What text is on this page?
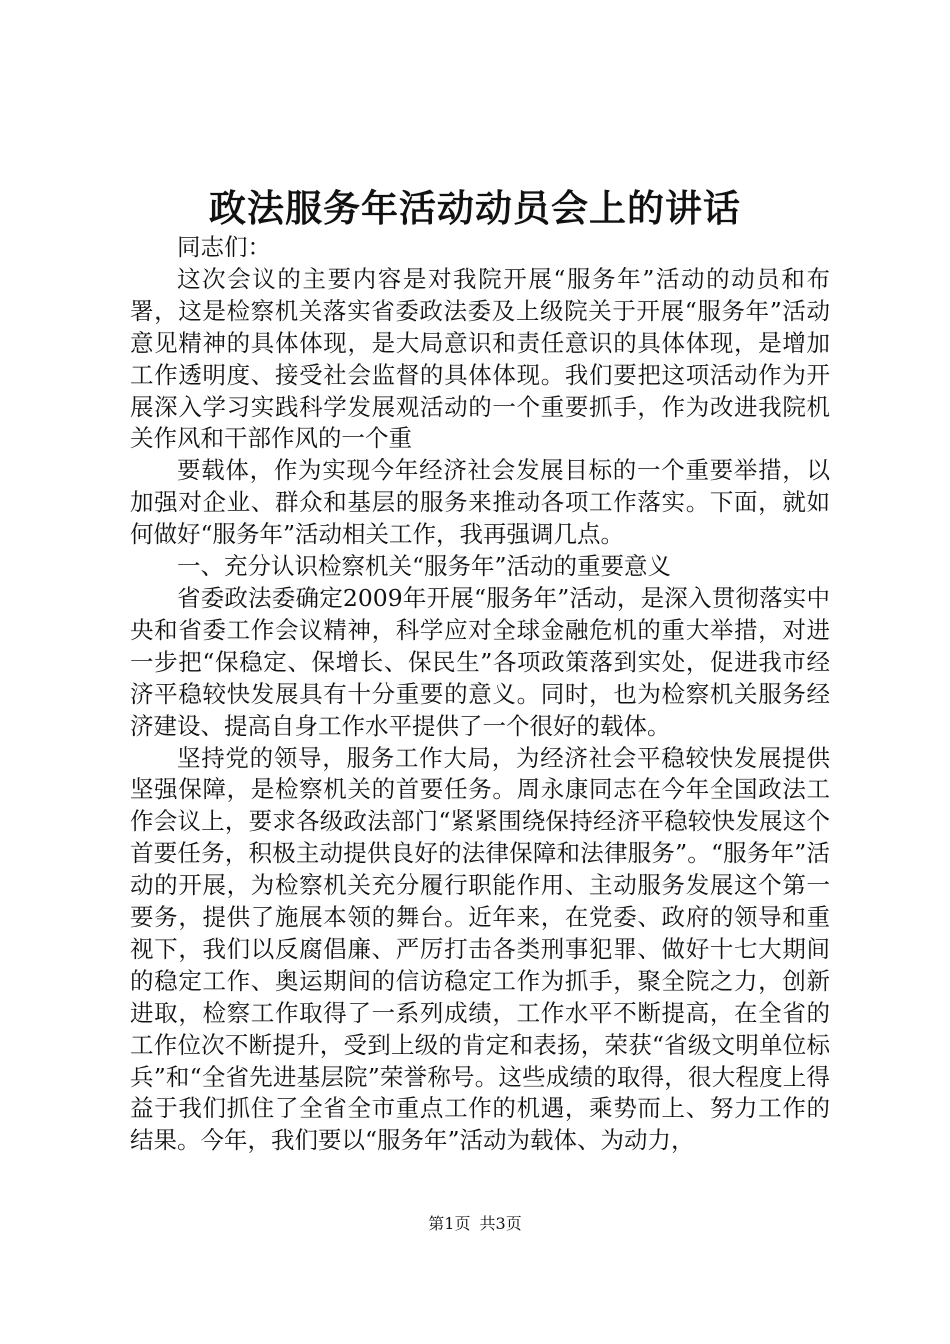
政法服务年活动动员会上的讲话

同志们：

这次会议的主要内容是对我院开展“服务年”活动的动员和布署，这是检察机关落实省委政法委及上级院关于开展“服务年”活动意见精神的具体体现，是大局意识和责任意识的具体体现，是增加工作透明度、接受社会监督的具体体现。我们要把这项活动作为开展深入学习实践科学发展观活动的一个重要抓手，作为改进我院机关作风和干部作风的一个重

要载体，作为实现今年经济社会发展目标的一个重要举措，以加强对企业、群众和基层的服务来推动各项工作落实。下面，就如何做好“服务年”活动相关工作，我再强调几点。

一、充分认识检察机关“服务年”活动的重要意义

省委政法委确定2009年开展“服务年”活动，是深入贯彻落实中央和省委工作会议精神，科学应对全球金融危机的重大举措，对进一步把“保稳定、保增长、保民生”各项政策落到实处，促进我市经济平稳较快发展具有十分重要的意义。同时，也为检察机关服务经济建设、提高自身工作水平提供了一个很好的载体。

坚持党的领导，服务工作大局，为经济社会平稳较快发展提供坚强保障，是检察机关的首要任务。周永康同志在今年全国政法工作会议上，要求各级政法部门“紧紧围绕保持经济平稳较快发展这个首要任务，积极主动提供良好的法律保障和法律服务”。“服务年”活动的开展，为检察机关充分履行职能作用、主动服务发展这个第一要务，提供了施展本领的舞台。近年来，在党委、政府的领导和重视下，我们以反腐倡廉、严厉打击各类刑事犯罪、做好十七大期间的稳定工作、奥运期间的信访稳定工作为抓手，聚全院之力，创新进取，检察工作取得了一系列成绩，工作水平不断提高，在全省的工作位次不断提升，受到上级的肯定和表扬，荣获“省级文明单位标兵”和“全省先进基层院”荣誉称号。这些成绩的取得，很大程度上得益于我们抓住了全省全市重点工作的机遇，乘势而上、努力工作的结果。今年，我们要以“服务年”活动为载体、为动力，

第1页 共3页
